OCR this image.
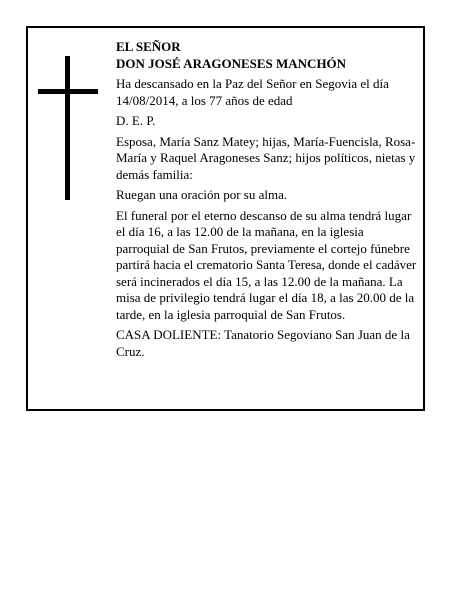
EL SEÑOR

DON JOSÉ ARAGONESES MANCHÓN

Ha descansado en la Paz del Señor en Segovia el día 14/08/2014, a los 77 años de edad

D. E. P.

Esposa, María Sanz Matey; hijas, María-Fuencisla, Rosa-María y Raquel Aragoneses Sanz; hijos políticos, nietas y demás familia:

Ruegan una oración por su alma.

El funeral por el eterno descanso de su alma tendrá lugar el día 16, a las 12.00 de la mañana, en la iglesia parroquial de San Frutos, previamente el cortejo fúnebre partirá hacia el crematorio Santa Teresa, donde el cadáver será incinerados el día 15, a las 12.00 de la mañana. La misa de privilegio tendrá lugar el día 18, a las 20.00 de la tarde, en la iglesia parroquial de San Frutos.

CASA DOLIENTE: Tanatorio Segoviano San Juan de la Cruz.
